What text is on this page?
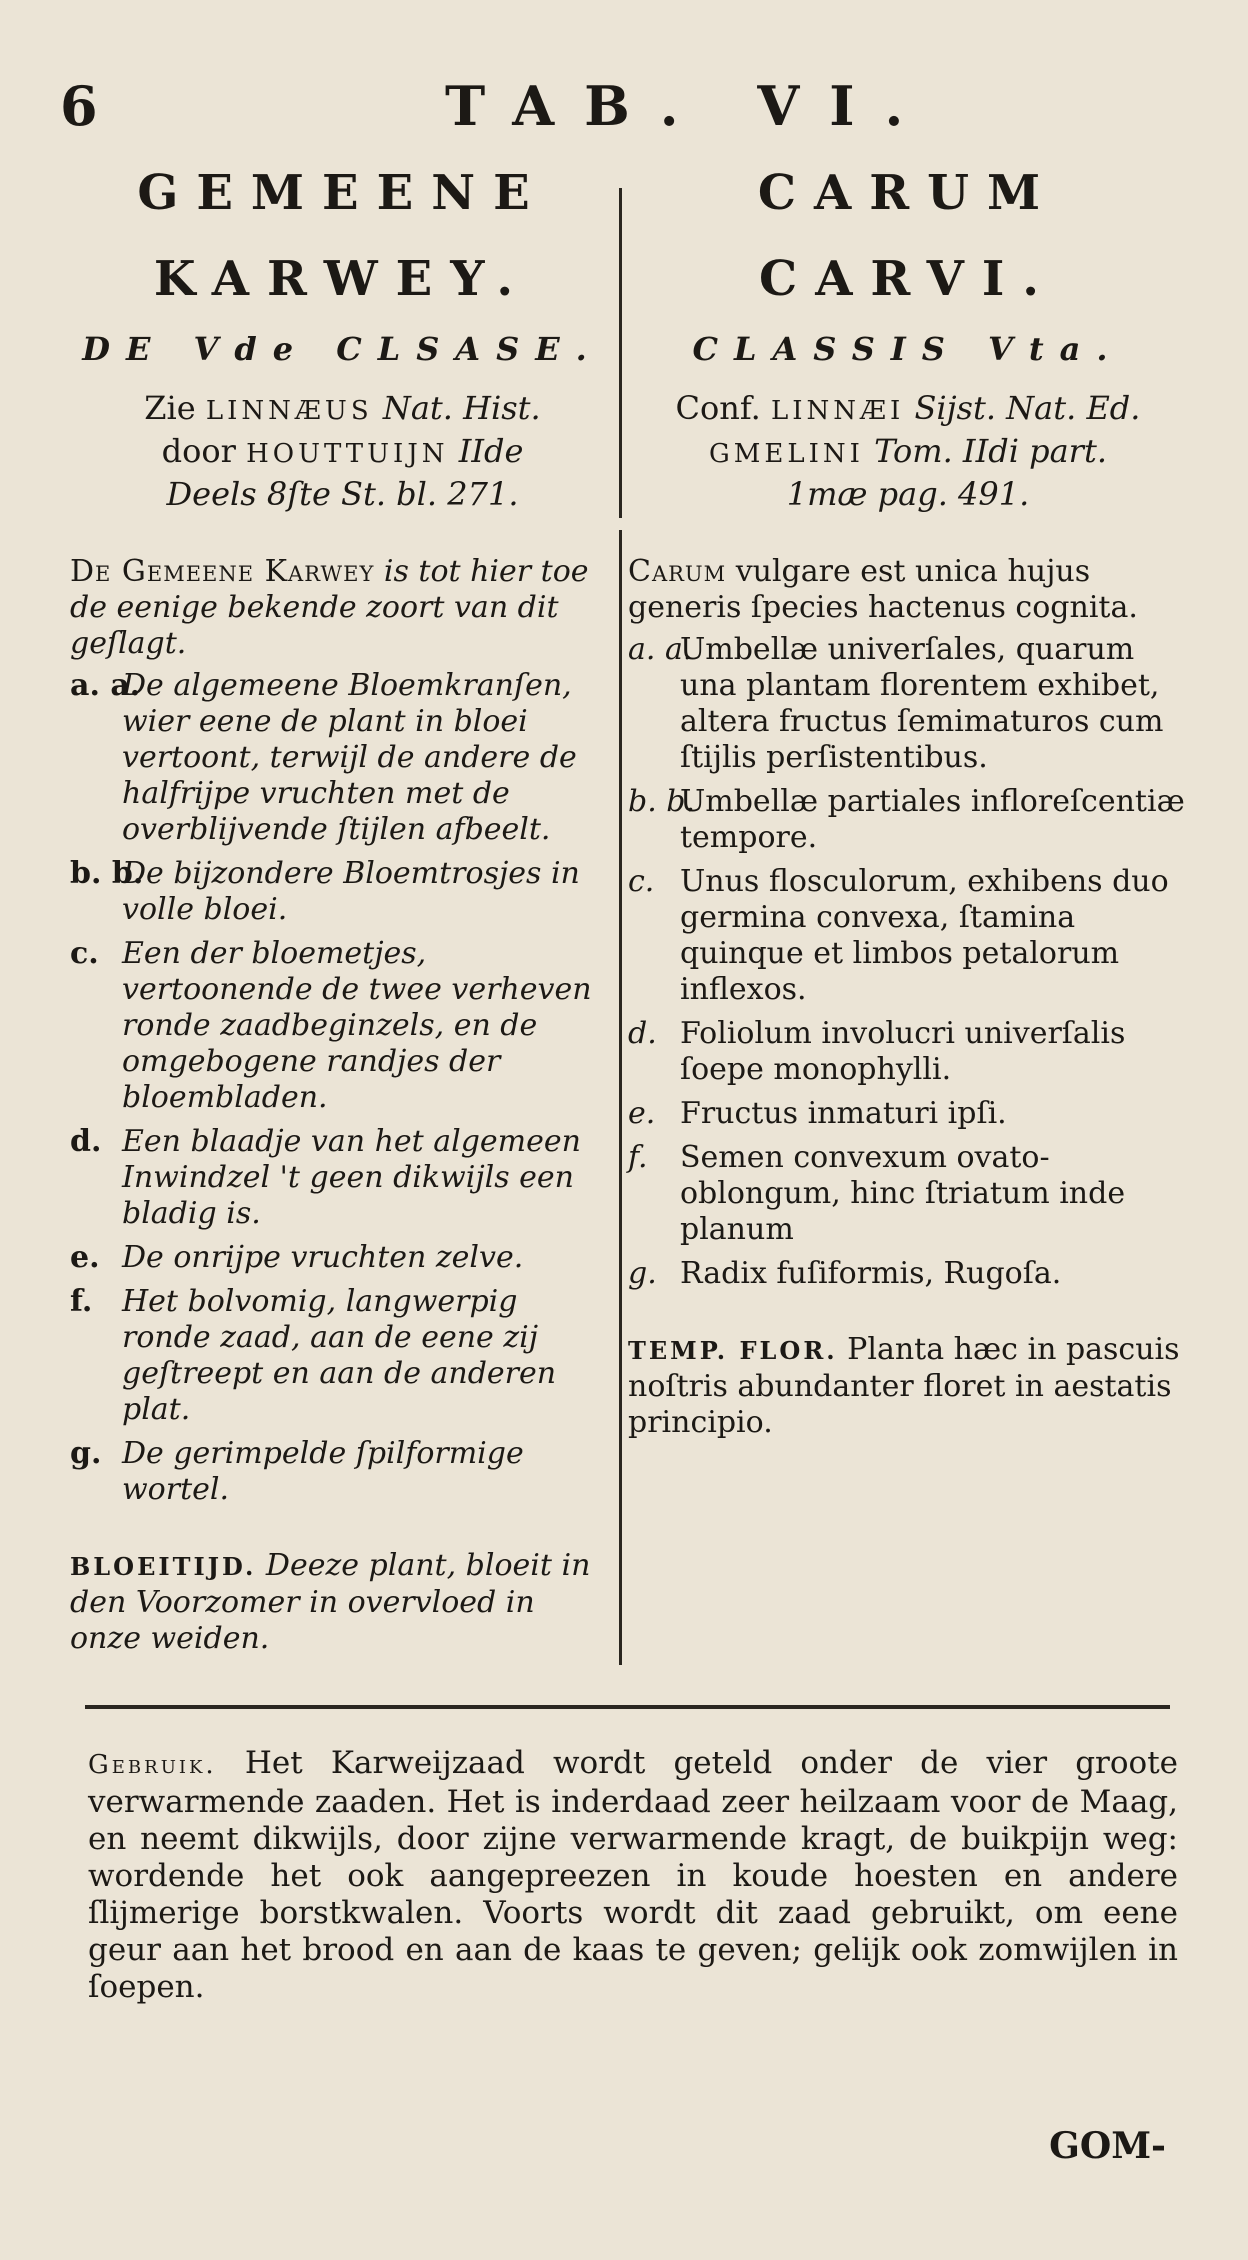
6	TAB. VI.
GEMEENE
KARWEY.
DE Vde CLSASE.
Zie LINNÆUS Nat. Hist.
door HOUTTUIJN IIde
Deels 8ſte St. bl. 271.
De Gemeene Karwey is tot hier toe de eenige bekende zoort van dit geſlagt.
a. a.
De algemeene Bloemkranſen, wier eene de plant in bloei vertoont, terwijl de andere de halfrijpe vruchten met de overblijvende ſtijlen afbeelt.
b. b.
De bijzondere Bloemtrosjes in volle bloei.
c. Een der bloemetjes, vertoonende de twee verheven ronde zaadbeginzels, en de omgebogene randjes der bloembladen.
d. Een blaadje van het algemeen Inwindzel 't geen dikwijls een bladig is.
e. De onrijpe vruchten zelve.
f. Het bolvomig, langwerpig ronde zaad, aan de eene zij geſtreept en aan de anderen plat.
g. De gerimpelde ſpilformige wortel.
BLOEITIJD. Deeze plant, bloeit in den Voorzomer in overvloed in onze weiden.
CARUM
CARVI.
CLASSIS Vta.
Conf. LINNÆI Sijst. Nat. Ed.
GMELINI Tom. IIdi part.
1mæ pag. 491.
Carum vulgare est unica hujus generis ſpecies hactenus cognita.
a. a.
Umbellæ univerſales, quarum una plantam florentem exhibet, altera fructus ſemimaturos cum ſtijlis perſistentibus.
b. b.
Umbellæ partiales infloreſcentiæ tempore.
c. Unus flosculorum, exhibens duo germina convexa, ſtamina quinque et limbos petalorum inflexos.
d. Foliolum involucri univerſalis ſoepe monophylli.
e. Fructus inmaturi ipſi.
f. Semen convexum ovato-oblongum, hinc ſtriatum inde planum
g. Radix fuſiformis, Rugoſa.
TEMP. FLOR. Planta hæc in pascuis noſtris abundanter floret in aestatis principio.
Gebruik. Het Karweijzaad wordt geteld onder de vier groote verwarmende zaaden. Het is inderdaad zeer heilzaam voor de Maag, en neemt dikwijls, door zijne verwarmende kragt, de buikpijn weg: wordende het ook aangepreezen in koude hoesten en andere ſlijmerige borstkwalen. Voorts wordt dit zaad gebruikt, om eene geur aan het brood en aan de kaas te geven; gelijk ook zomwijlen in ſoepen.
GOM-
